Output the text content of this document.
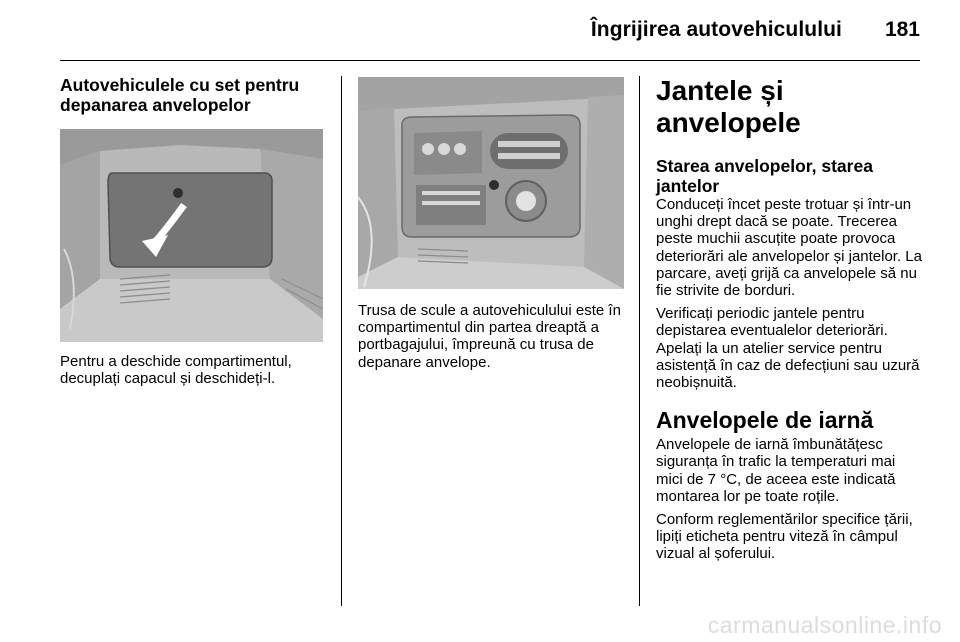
Îngrijirea autovehiculului 181
Autovehiculele cu set pentru depanarea anvelopelor

Pentru a deschide compartimentul, decuplați capacul și deschideți-l.

Trusa de scule a autovehiculului este în compartimentul din partea dreaptă a portbagajului, împreună cu trusa de depanare anvelope.

Jantele și anvelopele
Starea anvelopelor, starea jantelor

Conduceți încet peste trotuar și într-un unghi drept dacă se poate. Trecerea peste muchii ascuțite poate provoca deteriorări ale anvelopelor și jantelor. La parcare, aveți grijă ca anvelopele să nu fie strivite de borduri.

Verificați periodic jantele pentru depistarea eventualelor deteriorări. Apelați la un atelier service pentru asistență în caz de defecțiuni sau uzură neobișnuită.

Anvelopele de iarnă

Anvelopele de iarnă îmbunătățesc siguranța în trafic la temperaturi mai mici de 7 °C, de aceea este indicată montarea lor pe toate roțile.

Conform reglementărilor specifice țării, lipiți eticheta pentru viteză în câmpul vizual al șoferului.

carmanualsonline.info
